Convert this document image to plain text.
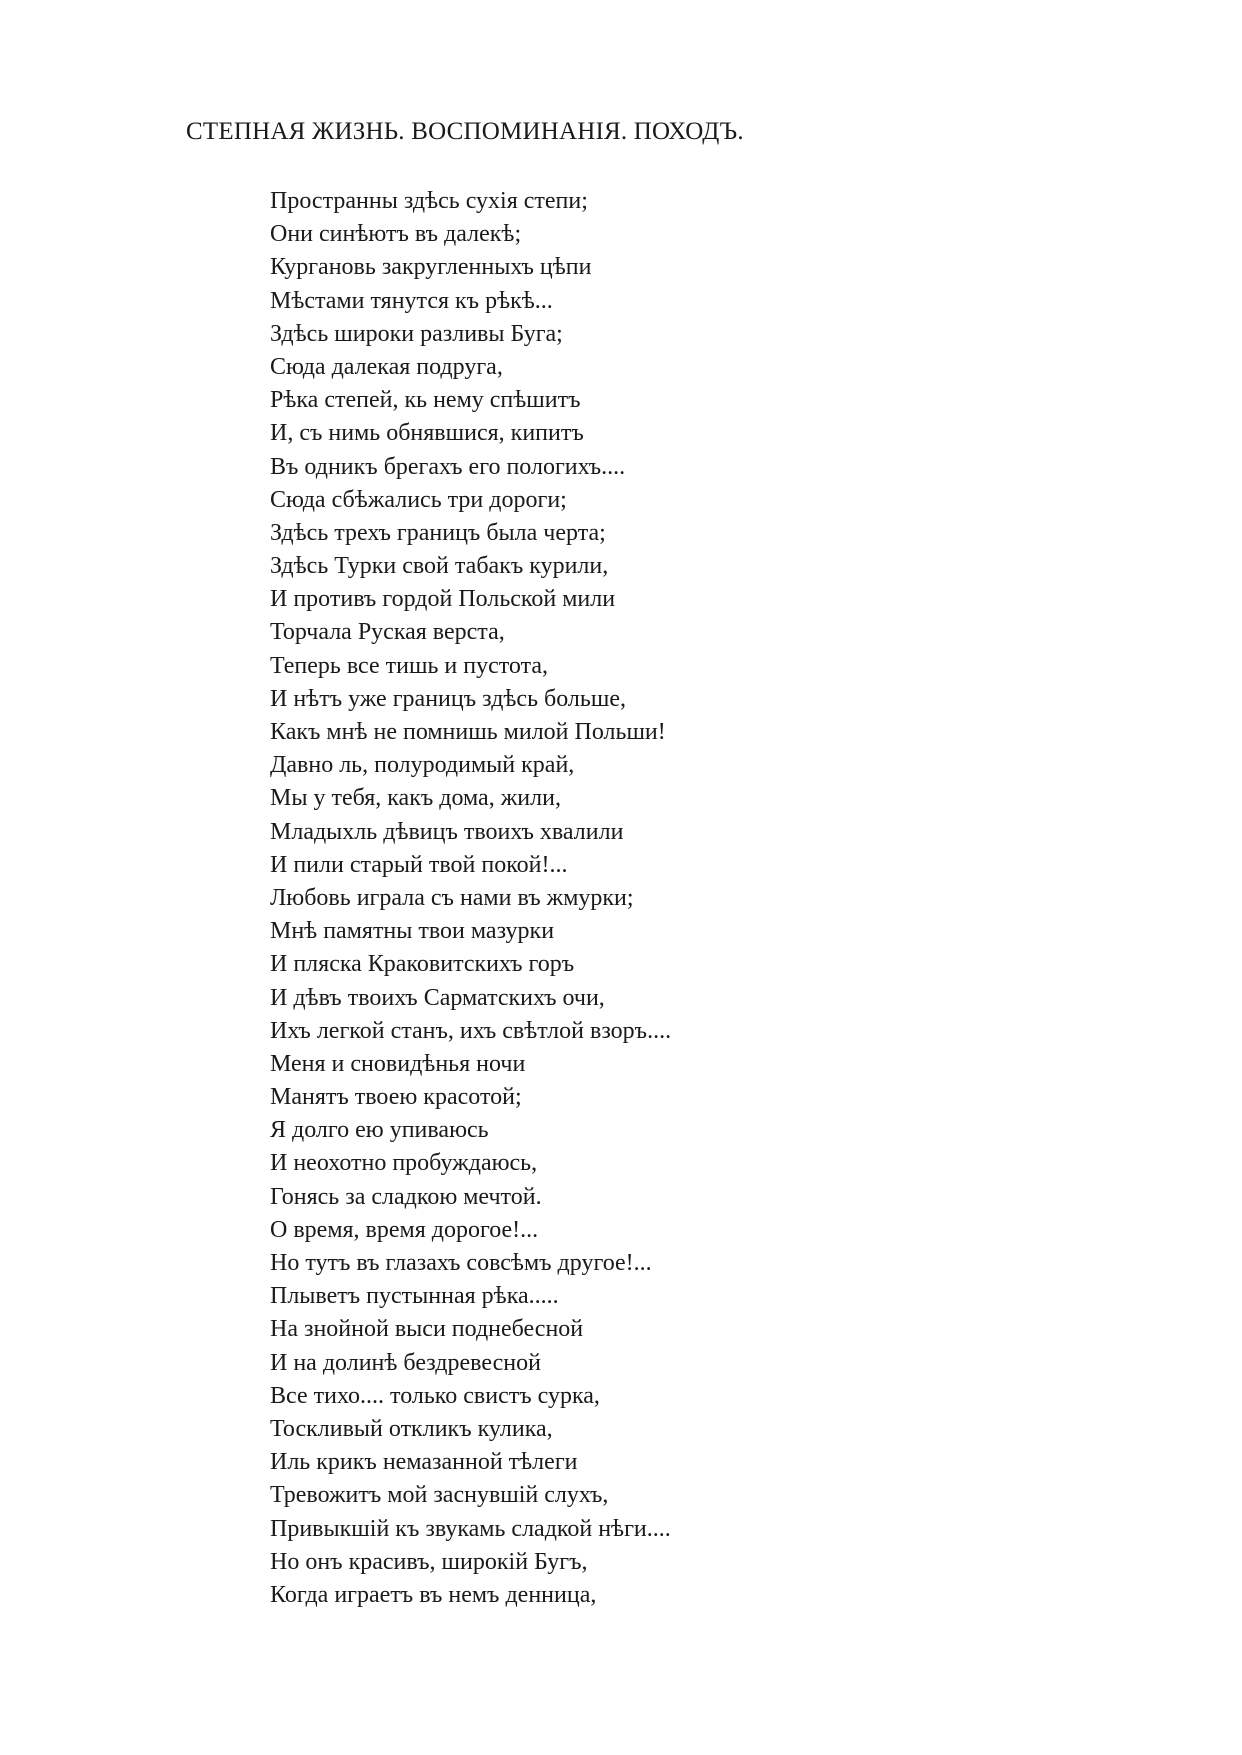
СТЕПНАЯ ЖИЗНЬ. ВОСПОМИНАНІЯ. ПОХОДЪ.
Пространны здѣсь сухія степи;
Они синѣютъ въ далекѣ;
Кургановь закругленныхъ цѣпи
Мѣстами тянутся къ рѣкѣ...
Здѣсь широки разливы Буга;
Сюда далекая подруга,
Рѣка степей, кь нему спѣшитъ
И, съ нимь обнявшися, кипитъ
Въ одникъ брегахъ его пологихъ....
Сюда сбѣжались три дороги;
Здѣсь трехъ границъ была черта;
Здѣсь Турки свой табакъ курили,
И противъ гордой Польской мили
Торчала Руская верста,
Теперь все тишь и пустота,
И нѣтъ уже границъ здѣсь больше,
Какъ мнѣ не помнишь милой Польши!
Давно ль, полуродимый край,
Мы у тебя, какъ дома, жили,
Младыхль дѣвицъ твоихъ хвалили
И пили старый твой покой!...
Любовь играла съ нами въ жмурки;
Мнѣ памятны твои мазурки
И пляска Краковитскихъ горъ
И дѣвъ твоихъ Сарматскихъ очи,
Ихъ легкой станъ, ихъ свѣтлой взоръ....
Меня и сновидѣнья ночи
Манятъ твоею красотой;
Я долго ею упиваюсь
И неохотно пробуждаюсь,
Гонясь за сладкою мечтой.
О время, время дорогое!...
Но тутъ въ глазахъ совсѣмъ другое!...
Плыветъ пустынная рѣка.....
На знойной выси поднебесной
И на долинѣ бездревесной
Все тихо.... только свистъ сурка,
Тоскливый откликъ кулика,
Иль крикъ немазанной тѣлеги
Тревожитъ мой заснувшій слухъ,
Привыкшій къ звукамь сладкой нѣги....
Но онъ красивъ, широкій Бугъ,
Когда играетъ въ немъ денница,
